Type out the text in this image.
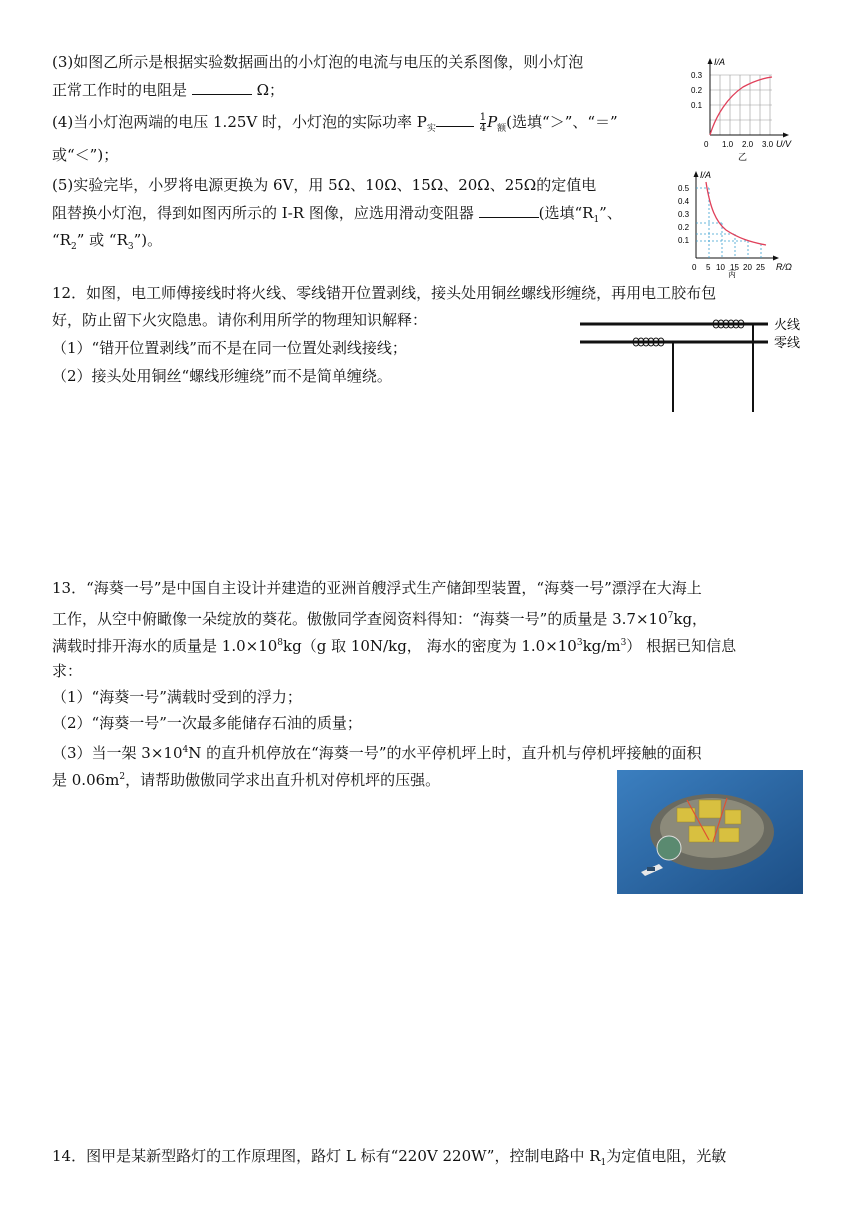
(3)如图乙所示是根据实验数据画出的小灯泡的电流与电压的关系图像，则小灯泡
正常工作时的电阻是	Ω；
(4)当小灯泡两端的电压 1.25V 时，小灯泡的实际功率 $P_实$	$\frac{1}{4} P_额$(选填“＞”、“＝”
或“＜”)；
(5)实验完毕，小罗将电源更换为 6V，用 5Ω、10Ω、15Ω、20Ω、25Ω的定值电
阻替换小灯泡，得到如图丙所示的 I-R 图像，应选用滑动变阻器	(选填“$R_1$”、
“$R_2$” 或 “$R_3$”)。
I/A
U/V
0.3
0.2
0.1
0 1.0 2.0 3.0
乙
I/A
R/Ω
0.5
0.4
0.3
0.2
0.1
0 5 10 15 20 25
丙
12．如图，电工师傅接线时将火线、零线错开位置剥线，接头处用铜丝螺线形缠绕，再用电工胶布包
好，防止留下火灾隐患。请你利用所学的物理知识解释：
（1）“错开位置剥线”而不是在同一位置处剥线接线；
（2）接头处用铜丝“螺线形缠绕”而不是简单缠绕。
火线
零线
13．“海葵一号”是中国自主设计并建造的亚洲首艘浮式生产储卸型装置，“海葵一号”漂浮在大海上
工作，从空中俯瞰像一朵绽放的葵花。傲傲同学查阅资料得知：“海葵一号”的质量是 $3.7\times 10^7kg$，
满载时排开海水的质量是 $1.0\times 10^8kg(g$ 取 10N/kg， 海水的密度为 $1.0\times 10^3kg/m^3$） 根据已知信息
求：
（1）“海葵一号”满载时受到的浮力；
（2）“海葵一号”一次最多能储存石油的质量；
（3）当一架 $3\times 10^4N$ 的直升机停放在“海葵一号”的水平停机坪上时，直升机与停机坪接触的面积
是 $0.06m^2$，请帮助傲傲同学求出直升机对停机坪的压强。
14．图甲是某新型路灯的工作原理图，路灯 L 标有“220V 220W”，控制电路中 $R_1$为定值电阻，光敏
